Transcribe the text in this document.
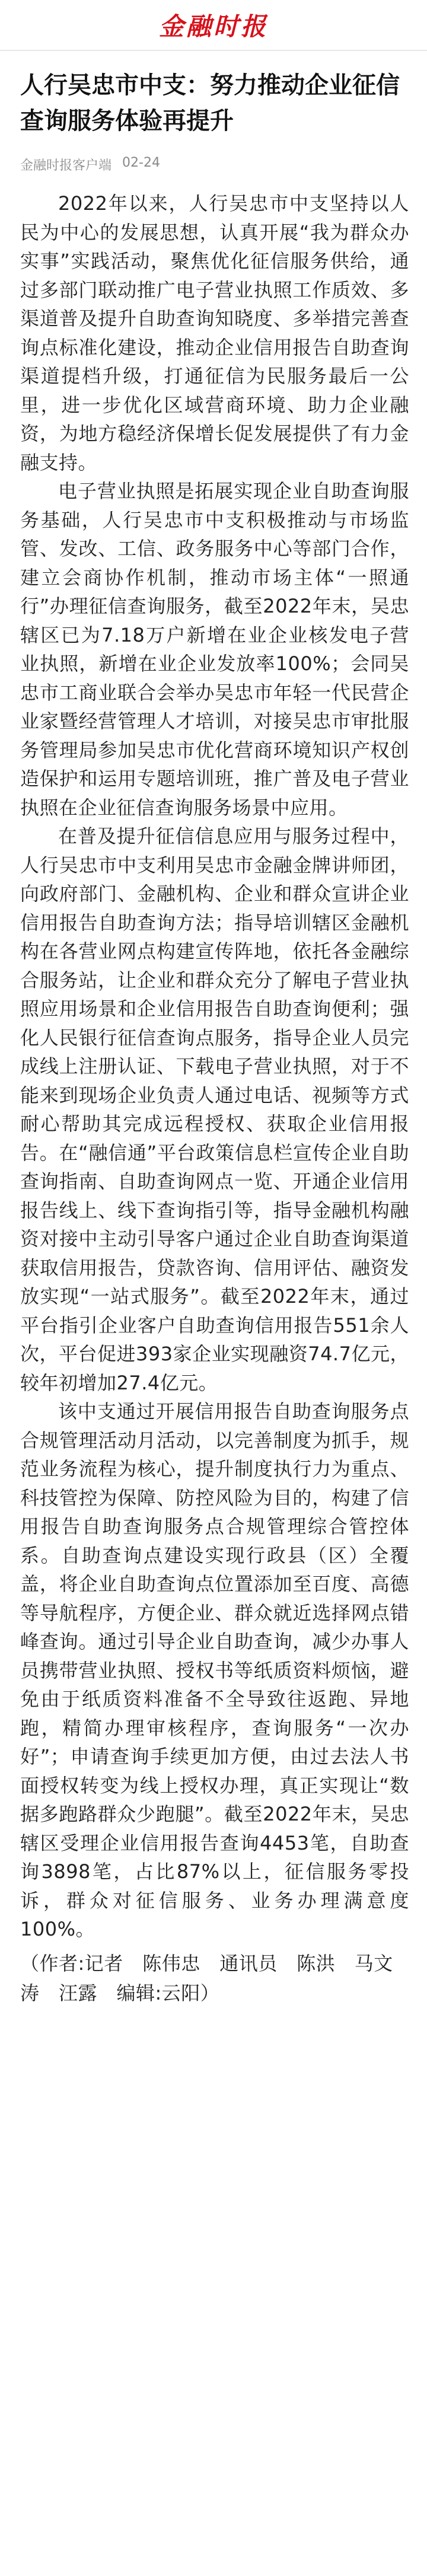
金融时报
人行吴忠市中支：努力推动企业征信查询服务体验再提升
金融时报客户端 02-24

2022年以来，人行吴忠市中支坚持以人民为中心的发展思想，认真开展“我为群众办实事”实践活动，聚焦优化征信服务供给，通过多部门联动推广电子营业执照工作质效、多渠道普及提升自助查询知晓度、多举措完善查询点标准化建设，推动企业信用报告自助查询渠道提档升级，打通征信为民服务最后一公里，进一步优化区域营商环境、助力企业融资，为地方稳经济保增长促发展提供了有力金融支持。

电子营业执照是拓展实现企业自助查询服务基础，人行吴忠市中支积极推动与市场监管、发改、工信、政务服务中心等部门合作，建立会商协作机制，推动市场主体“一照通行”办理征信查询服务，截至2022年末，吴忠辖区已为7.18万户新增在业企业核发电子营业执照，新增在业企业发放率100%；会同吴忠市工商业联合会举办吴忠市年轻一代民营企业家暨经营管理人才培训，对接吴忠市审批服务管理局参加吴忠市优化营商环境知识产权创造保护和运用专题培训班，推广普及电子营业执照在企业征信查询服务场景中应用。

在普及提升征信信息应用与服务过程中，人行吴忠市中支利用吴忠市金融金牌讲师团，向政府部门、金融机构、企业和群众宣讲企业信用报告自助查询方法；指导培训辖区金融机构在各营业网点构建宣传阵地，依托各金融综合服务站，让企业和群众充分了解电子营业执照应用场景和企业信用报告自助查询便利；强化人民银行征信查询点服务，指导企业人员完成线上注册认证、下载电子营业执照，对于不能来到现场企业负责人通过电话、视频等方式耐心帮助其完成远程授权、获取企业信用报告。在“融信通”平台政策信息栏宣传企业自助查询指南、自助查询网点一览、开通企业信用报告线上、线下查询指引等，指导金融机构融资对接中主动引导客户通过企业自助查询渠道获取信用报告，贷款咨询、信用评估、融资发放实现“一站式服务”。截至2022年末，通过平台指引企业客户自助查询信用报告551余人次，平台促进393家企业实现融资74.7亿元，较年初增加27.4亿元。

该中支通过开展信用报告自助查询服务点合规管理活动月活动，以完善制度为抓手，规范业务流程为核心，提升制度执行力为重点、科技管控为保障、防控风险为目的，构建了信用报告自助查询服务点合规管理综合管控体系。自助查询点建设实现行政县（区）全覆盖，将企业自助查询点位置添加至百度、高德等导航程序，方便企业、群众就近选择网点错峰查询。通过引导企业自助查询，减少办事人员携带营业执照、授权书等纸质资料烦恼，避免由于纸质资料准备不全导致往返跑、异地跑，精简办理审核程序，查询服务“一次办好”；申请查询手续更加方便，由过去法人书面授权转变为线上授权办理，真正实现让“数据多跑路群众少跑腿”。截至2022年末，吴忠辖区受理企业信用报告查询4453笔，自助查询3898笔，占比87%以上，征信服务零投诉，群众对征信服务、业务办理满意度100%。

（作者:记者　陈伟忠　通讯员　陈洪　马文涛　汪露　编辑:云阳）
